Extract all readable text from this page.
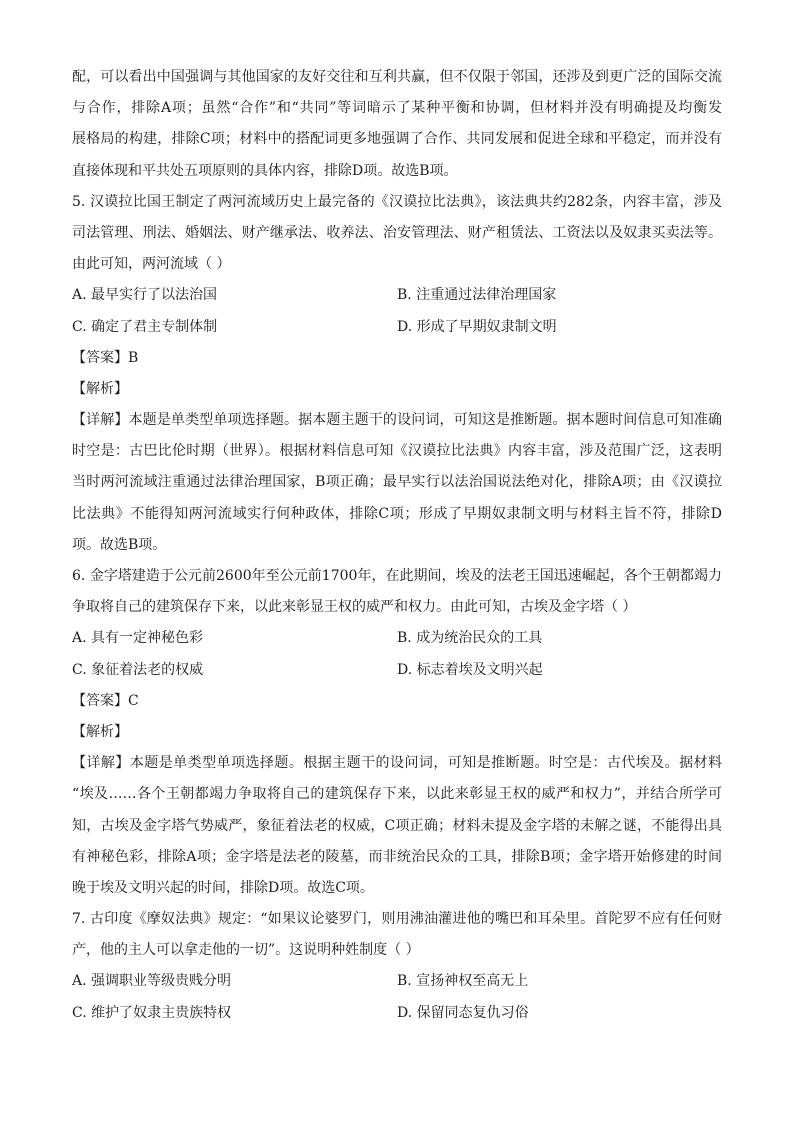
配，可以看出中国强调与其他国家的友好交往和互利共赢，但不仅限于邻国，还涉及到更广泛的国际交流
与合作，排除A项；虽然“合作”和“共同”等词暗示了某种平衡和协调，但材料并没有明确提及均衡发
展格局的构建，排除C项；材料中的搭配词更多地强调了合作、共同发展和促进全球和平稳定，而并没有
直接体现和平共处五项原则的具体内容，排除D项。故选B项。
5. 汉谟拉比国王制定了两河流域历史上最完备的《汉谟拉比法典》，该法典共约282条，内容丰富，涉及
司法管理、刑法、婚姻法、财产继承法、收养法、治安管理法、财产租赁法、工资法以及奴隶买卖法等。
由此可知，两河流域（ ）
A. 最早实行了以法治国	B. 注重通过法律治理国家
C. 确定了君主专制体制	D. 形成了早期奴隶制文明
【答案】B
【解析】
【详解】本题是单类型单项选择题。据本题主题干的设问词，可知这是推断题。据本题时间信息可知准确
时空是：古巴比伦时期（世界）。根据材料信息可知《汉谟拉比法典》内容丰富，涉及范围广泛，这表明
当时两河流域注重通过法律治理国家，B项正确；最早实行以法治国说法绝对化，排除A项；由《汉谟拉
比法典》不能得知两河流域实行何种政体，排除C项；形成了早期奴隶制文明与材料主旨不符，排除D
项。故选B项。
6. 金字塔建造于公元前2600年至公元前1700年，在此期间，埃及的法老王国迅速崛起，各个王朝都竭力
争取将自己的建筑保存下来，以此来彰显王权的威严和权力。由此可知，古埃及金字塔（ ）
A. 具有一定神秘色彩	B. 成为统治民众的工具
C. 象征着法老的权威	D. 标志着埃及文明兴起
【答案】C
【解析】
【详解】本题是单类型单项选择题。根据主题干的设问词，可知是推断题。时空是：古代埃及。据材料
“埃及……各个王朝都竭力争取将自己的建筑保存下来，以此来彰显王权的威严和权力”，并结合所学可
知，古埃及金字塔气势威严，象征着法老的权威，C项正确；材料未提及金字塔的未解之谜，不能得出具
有神秘色彩，排除A项；金字塔是法老的陵墓，而非统治民众的工具，排除B项；金字塔开始修建的时间
晚于埃及文明兴起的时间，排除D项。故选C项。
7. 古印度《摩奴法典》规定：“如果议论婆罗门，则用沸油灌进他的嘴巴和耳朵里。首陀罗不应有任何财
产，他的主人可以拿走他的一切”。这说明种姓制度（ ）
A. 强调职业等级贵贱分明	B. 宣扬神权至高无上
C. 维护了奴隶主贵族特权	D. 保留同态复仇习俗
